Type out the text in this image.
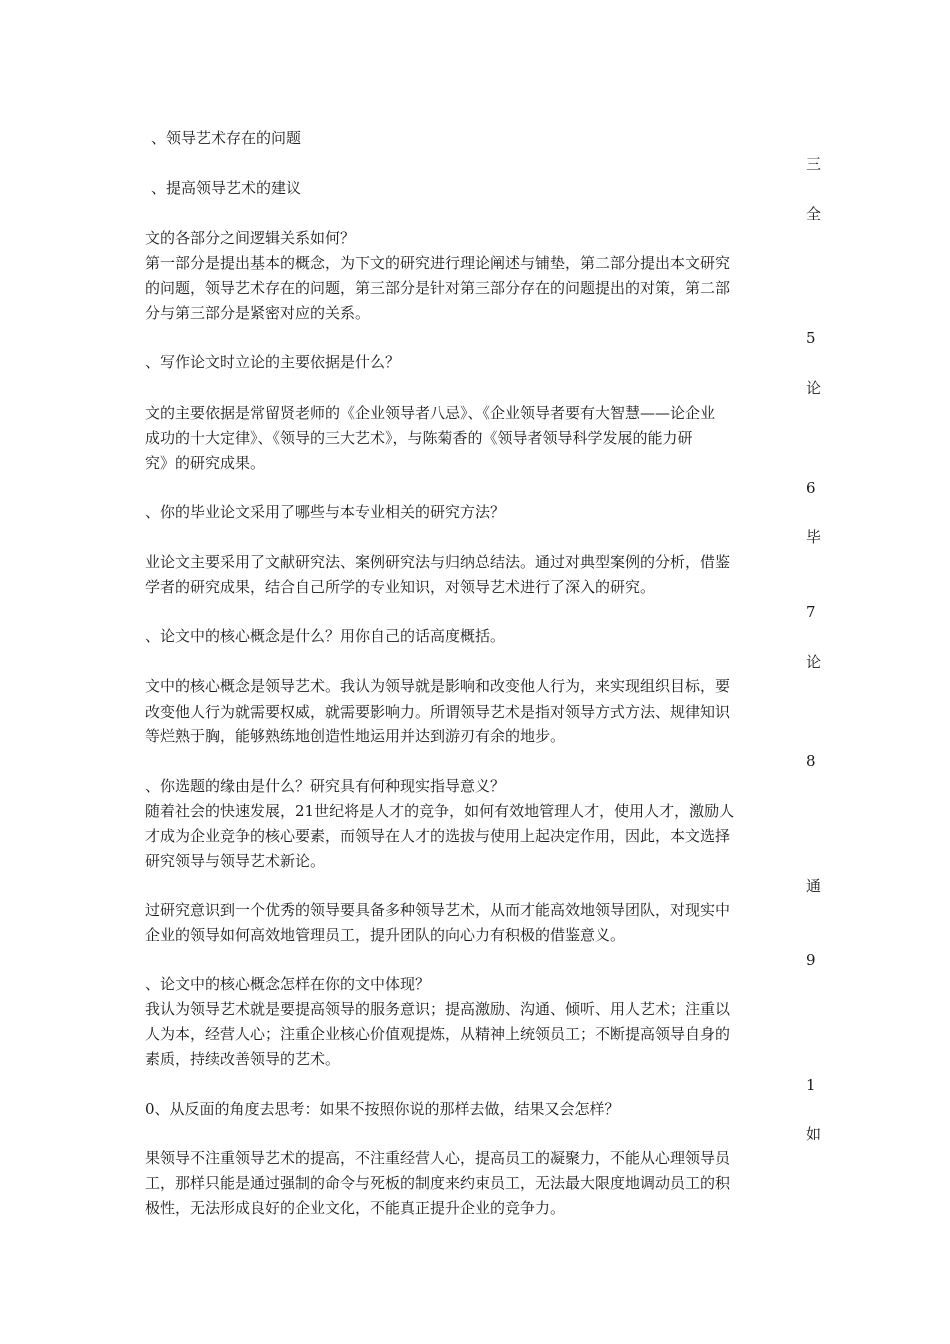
、领导艺术存在的问题
、提高领导艺术的建议
文的各部分之间逻辑关系如何？
第一部分是提出基本的概念，为下文的研究进行理论阐述与铺垫，第二部分提出本文研究
的问题，领导艺术存在的问题，第三部分是针对第三部分存在的问题提出的对策，第二部
分与第三部分是紧密对应的关系。
、写作论文时立论的主要依据是什么？
文的主要依据是常留贤老师的《企业领导者八忌》、《企业领导者要有大智慧——论企业
成功的十大定律》、《领导的三大艺术》，与陈菊香的《领导者领导科学发展的能力研
究》的研究成果。
、你的毕业论文采用了哪些与本专业相关的研究方法？
业论文主要采用了文献研究法、案例研究法与归纳总结法。通过对典型案例的分析，借鉴
学者的研究成果，结合自己所学的专业知识，对领导艺术进行了深入的研究。
、论文中的核心概念是什么？用你自己的话高度概括。
文中的核心概念是领导艺术。我认为领导就是影响和改变他人行为，来实现组织目标，要
改变他人行为就需要权威，就需要影响力。所谓领导艺术是指对领导方式方法、规律知识
等烂熟于胸，能够熟练地创造性地运用并达到游刃有余的地步。
、你选题的缘由是什么？研究具有何种现实指导意义？
随着社会的快速发展，21世纪将是人才的竞争，如何有效地管理人才，使用人才，激励人
才成为企业竞争的核心要素，而领导在人才的选拔与使用上起决定作用，因此，本文选择
研究领导与领导艺术新论。
过研究意识到一个优秀的领导要具备多种领导艺术，从而才能高效地领导团队，对现实中
企业的领导如何高效地管理员工，提升团队的向心力有积极的借鉴意义。
、论文中的核心概念怎样在你的文中体现？
我认为领导艺术就是要提高领导的服务意识；提高激励、沟通、倾听、用人艺术；注重以
人为本，经营人心；注重企业核心价值观提炼，从精神上统领员工；不断提高领导自身的
素质，持续改善领导的艺术。
0、从反面的角度去思考：如果不按照你说的那样去做，结果又会怎样？
果领导不注重领导艺术的提高，不注重经营人心，提高员工的凝聚力，不能从心理领导员
工，那样只能是通过强制的命令与死板的制度来约束员工，无法最大限度地调动员工的积
极性，无法形成良好的企业文化，不能真正提升企业的竞争力。
三
全
5
论
6
毕
7
论
8
通
9
1
如
